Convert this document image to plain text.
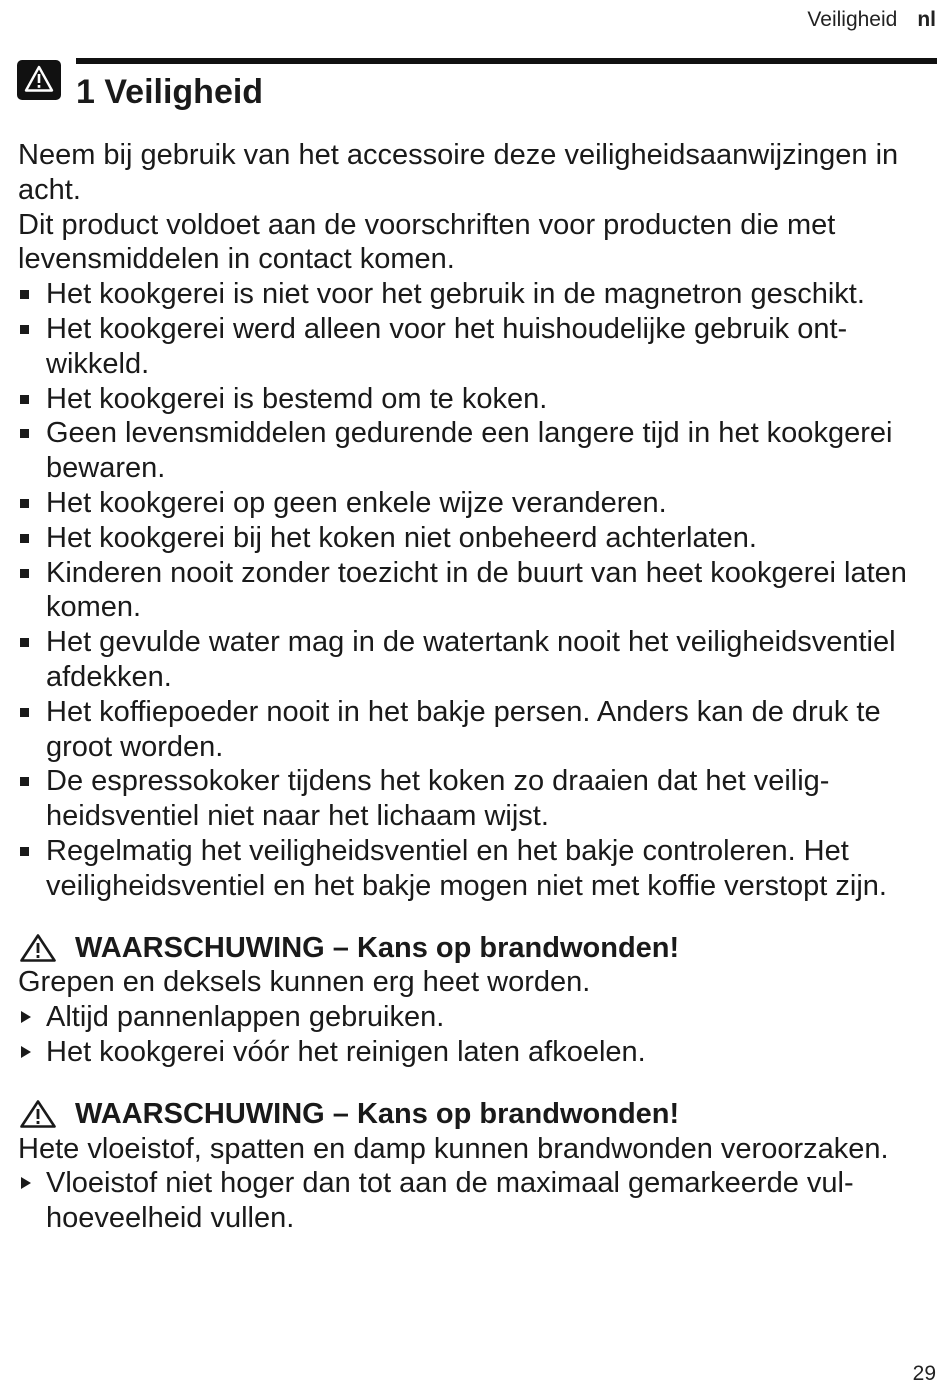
Veiligheid nl
1 Veiligheid

Neem bij gebruik van het accessoire deze veiligheidsaanwijzingen in acht.

Dit product voldoet aan de voorschriften voor producten die met levensmiddelen in contact komen.

Het kookgerei is niet voor het gebruik in de magnetron geschikt.
Het kookgerei werd alleen voor het huishoudelijke gebruik ontwikkeld.
Het kookgerei is bestemd om te koken.
Geen levensmiddelen gedurende een langere tijd in het kookgerei bewaren.
Het kookgerei op geen enkele wijze veranderen.
Het kookgerei bij het koken niet onbeheerd achterlaten.
Kinderen nooit zonder toezicht in de buurt van heet kookgerei laten komen.
Het gevulde water mag in de watertank nooit het veiligheidsventiel afdekken.
Het koffiepoeder nooit in het bakje persen. Anders kan de druk te groot worden.
De espressokoker tijdens het koken zo draaien dat het veiligheidsventiel niet naar het lichaam wijst.
Regelmatig het veiligheidsventiel en het bakje controleren. Het veiligheidsventiel en het bakje mogen niet met koffie verstopt zijn.
WAARSCHUWING – Kans op brandwonden!

Grepen en deksels kunnen erg heet worden.

Altijd pannenlappen gebruiken.
Het kookgerei vóór het reinigen laten afkoelen.
WAARSCHUWING – Kans op brandwonden!

Hete vloeistof, spatten en damp kunnen brandwonden veroorzaken.

Vloeistof niet hoger dan tot aan de maximaal gemarkeerde vulhoeveelheid vullen.
29
